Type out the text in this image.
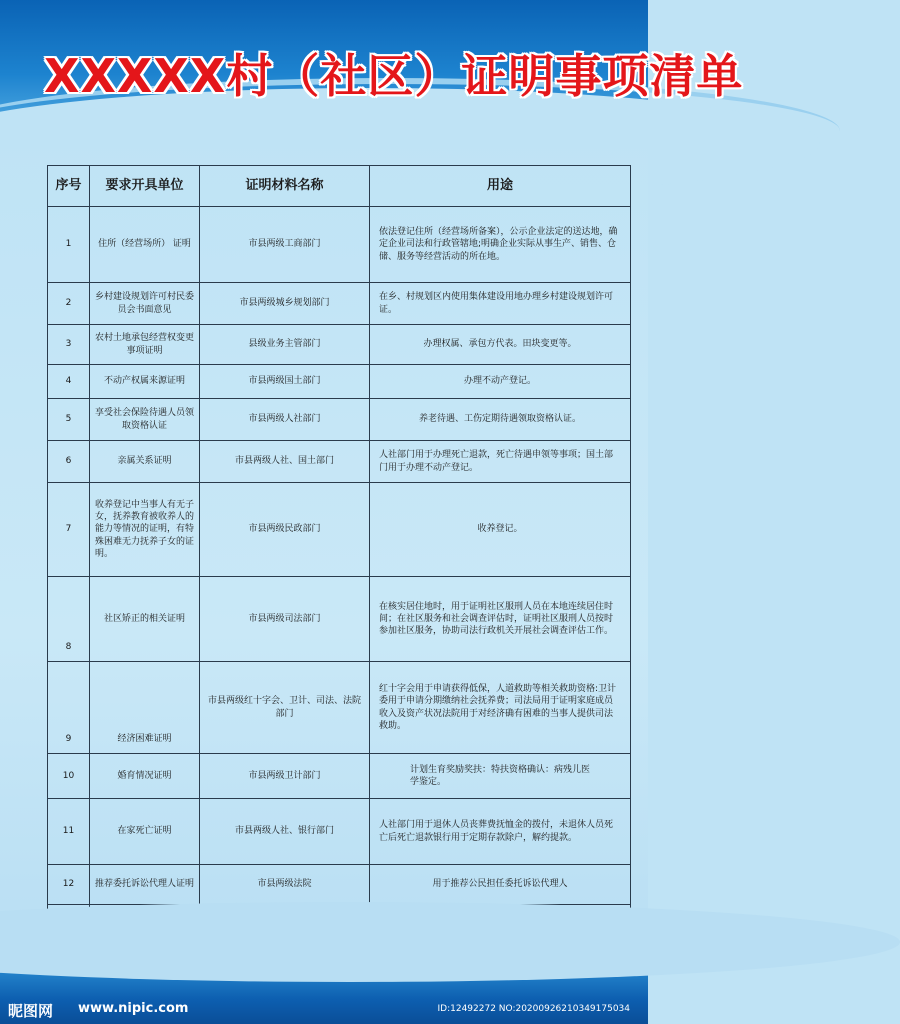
XXXXX村（社区）证明事项清单
序号	要求开具单位	证明材料名称	用途
1	住所（经营场所） 证明	市县两级工商部门	依法登记住所（经营场所备案），公示企业法定的送达地，确定企业司法和行政管辖地;明确企业实际从事生产、销售、仓储、服务等经营活动的所在地。
2	乡村建设规划许可村民委员会书面意见	市县两级城乡规划部门	在乡、村规划区内使用集体建设用地办理乡村建设规划许可证。
3	农村土地承包经营权变更事项证明	县级业务主管部门	办理权属、承包方代表。田块变更等。
4	不动产权属来源证明	市县两级国土部门	办理不动产登记。
5	享受社会保险待遇人员领取资格认证	市县两级人社部门	养老待遇、工伤定期待遇领取资格认证。
6	亲属关系证明	市县两级人社、国土部门	人社部门用于办理死亡退款，死亡待遇申领等事项；国土部门用于办理不动产登记。
7	收养登记中当事人有无子女，抚养教育被收养人的能力等情况的证明，有特殊困难无力抚养子女的证明。	市县两级民政部门	收养登记。
8	社区矫正的相关证明	市县两级司法部门	在核实居住地时，用于证明社区服刑人员在本地连续居住时间；在社区服务和社会调查评估时，证明社区服刑人员按时参加社区服务，协助司法行政机关开展社会调查评估工作。
9	经济困难证明	市县两级红十字会、卫计、司法、法院部门	红十字会用于申请获得低保，人道救助等相关救助资格:卫计委用于申请分期缴纳社会抚养费；司法局用于证明家庭成员收入及资产状况法院用于对经济确有困难的当事人提供司法救助。
10	婚育情况证明	市县两级卫计部门	计划生育奖励奖扶：特扶资格确认：病残儿医学鉴定。
11	在家死亡证明	市县两级人社、银行部门	人社部门用于退休人员丧葬费抚恤金的拨付，未退休人员死亡后死亡退款银行用于定期存款除户，解约提款。
12	推荐委托诉讼代理人证明	市县两级法院	用于推荐公民担任委托诉讼代理人

昵图网 www.nipic.com	ID:12492272 NO:20200926210349175034
